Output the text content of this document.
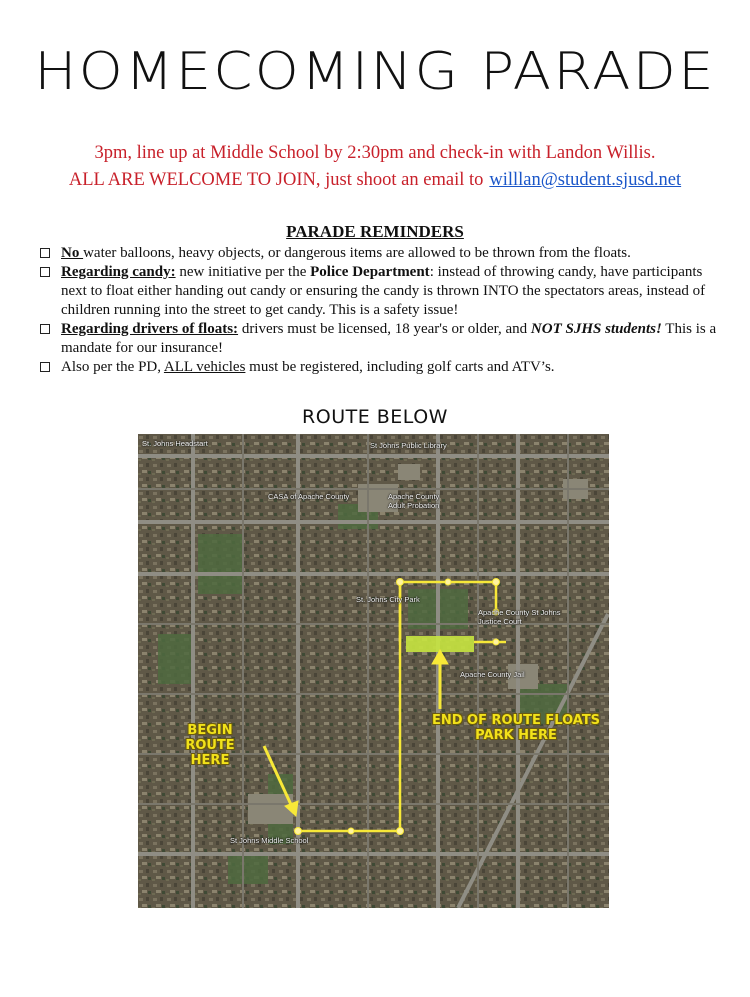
HOMECOMING PARADE
3pm, line up at Middle School by 2:30pm and check-in with Landon Willis.
ALL ARE WELCOME TO JOIN, just shoot an email to willlan@student.sjusd.net
PARADE REMINDERS
No water balloons, heavy objects, or dangerous items are allowed to be thrown from the floats.
Regarding candy: new initiative per the Police Department: instead of throwing candy, have participants next to float either handing out candy or ensuring the candy is thrown INTO the spectators areas, instead of children running into the street to get candy. This is a safety issue!
Regarding drivers of floats: drivers must be licensed, 18 year's or older, and NOT SJHS students! This is a mandate for our insurance!
Also per the PD, ALL vehicles must be registered, including golf carts and ATV’s.
ROUTE BELOW
St. Johns Headstart	St Johns Public Library
CASA of Apache County	Apache County Adult Probation
St. Johns City Park
Apache County St Johns Justice Court
Apache County Jail
St Johns Middle School
BEGIN ROUTE HERE
END OF ROUTE FLOATS PARK HERE
